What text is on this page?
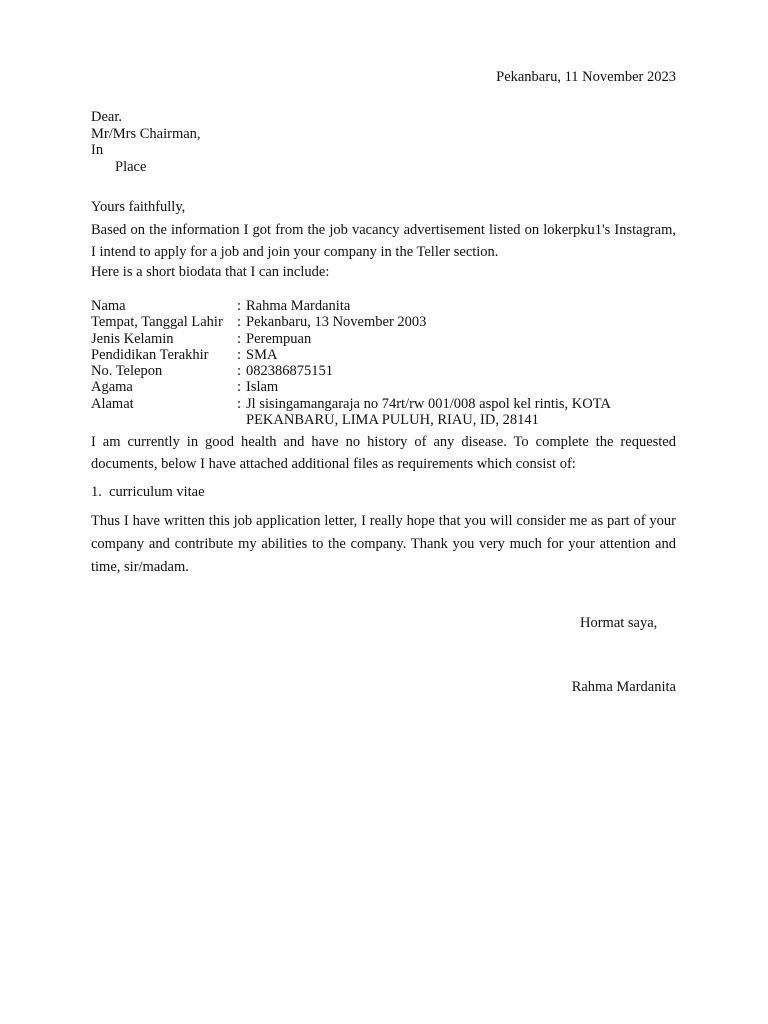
Pekanbaru, 11 November 2023
Dear.
Mr/Mrs Chairman,
In
Place
Yours faithfully,
Based on the information I got from the job vacancy advertisement listed on lokerpku1's Instagram, I intend to apply for a job and join your company in the Teller section.
Here is a short biodata that I can include:
Nama	: Rahma Mardanita
Tempat, Tanggal Lahir : Pekanbaru, 13 November 2003
Jenis Kelamin	: Perempuan
Pendidikan Terakhir	: SMA
No. Telepon	: 082386875151
Agama	: Islam
Alamat	: Jl sisingamangaraja no 74rt/rw 001/008 aspol kel rintis, KOTA
PEKANBARU, LIMA PULUH, RIAU, ID, 28141
I am currently in good health and have no history of any disease. To complete the requested documents, below I have attached additional files as requirements which consist of:
1. curriculum vitae
Thus I have written this job application letter, I really hope that you will consider me as part of your company and contribute my abilities to the company. Thank you very much for your attention and time, sir/madam.
Hormat saya,
Rahma Mardanita
